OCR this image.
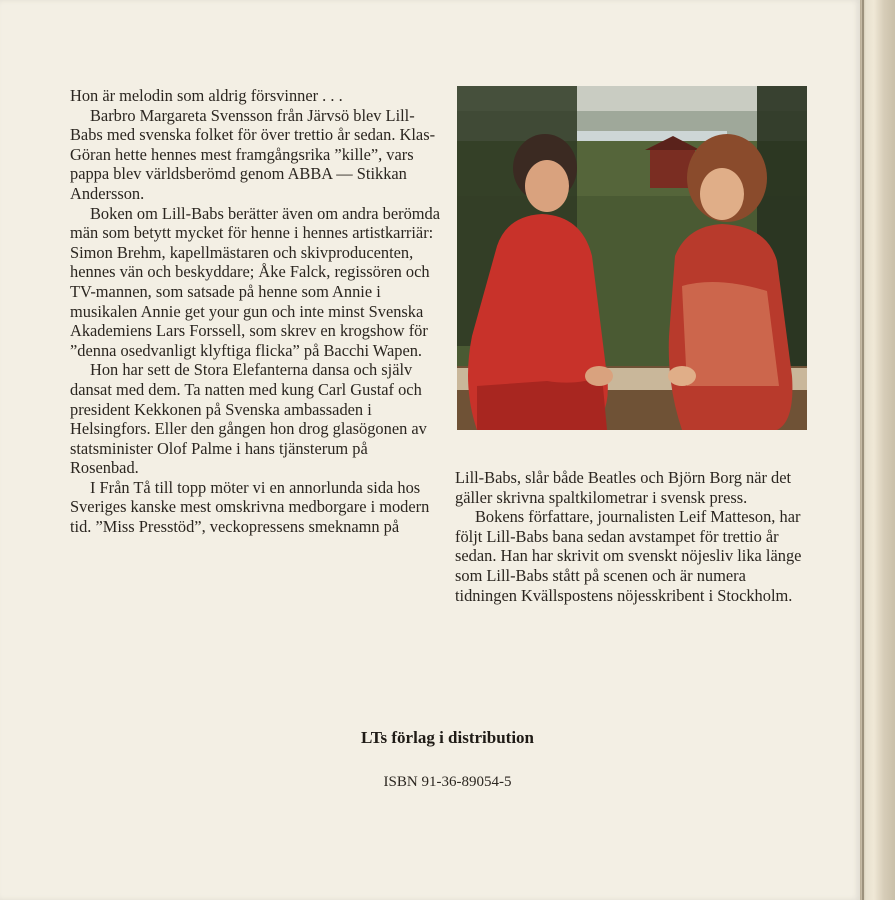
Hon är melodin som aldrig försvinner . . .

Barbro Margareta Svensson från Järvsö blev Lill-Babs med svenska folket för över trettio år sedan. Klas-Göran hette hennes mest framgångsrika ”kille”, vars pappa blev världsberömd genom ABBA — Stikkan Andersson.

Boken om Lill-Babs berätter även om andra berömda män som betytt mycket för henne i hennes artistkarriär: Simon Brehm, kapellmästaren och skivproducenten, hennes vän och beskyddare; Åke Falck, regissören och TV-mannen, som satsade på henne som Annie i musikalen Annie get your gun och inte minst Svenska Akademiens Lars Forssell, som skrev en krogshow för ”denna osedvanligt klyftiga flicka” på Bacchi Wapen.

Hon har sett de Stora Elefanterna dansa och själv dansat med dem. Ta natten med kung Carl Gustaf och president Kekkonen på Svenska ambassaden i Helsingfors. Eller den gången hon drog glasögonen av statsminister Olof Palme i hans tjänsterum på Rosenbad.

I Från Tå till topp möter vi en annorlunda sida hos Sveriges kanske mest omskrivna medborgare i modern tid. ”Miss Presstöd”, veckopressens smeknamn på

Lill-Babs, slår både Beatles och Björn Borg när det gäller skrivna spaltkilometrar i svensk press.

Bokens författare, journalisten Leif Matteson, har följt Lill-Babs bana sedan avstampet för trettio år sedan. Han har skrivit om svenskt nöjesliv lika länge som Lill-Babs stått på scenen och är numera tidningen Kvällspostens nöjesskribent i Stockholm.

LTs förlag i distribution
ISBN 91-36-89054-5
